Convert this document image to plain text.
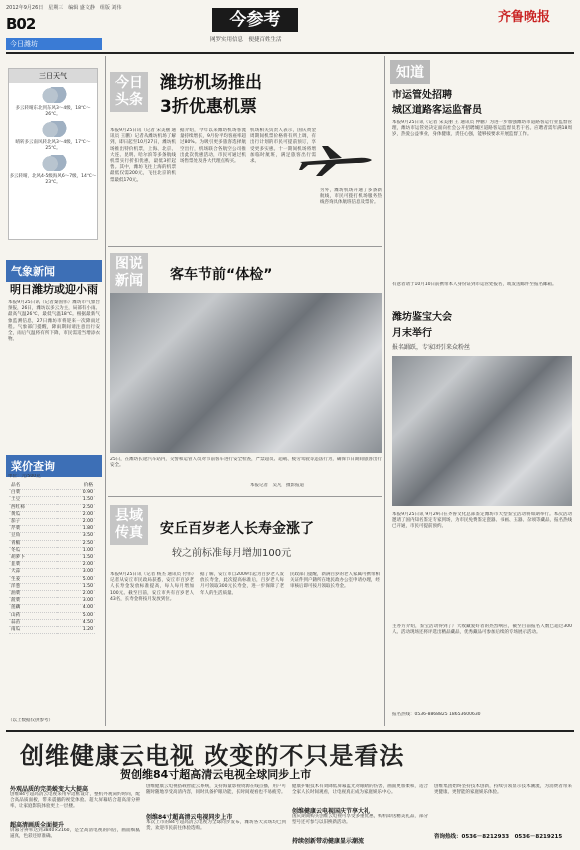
2012年9月26日　星期三　编辑 盛文静　组版 刘伟
B02
今日潍坊
今参考
网罗实用信息　便捷百姓生活
齐鲁晚报
三日天气
多云转晴东北到东风3～4级，18℃～26℃。
晴转多云南风转北风3～4级，17℃～25℃。
多云转晴，北风4-5级海风6～7级，14℃～23℃。
气象新闻
明日潍坊或迎小雨
本报9月25日讯（记者秦国伟）潍坊市气象台预报，26日，潍坊以多云为主，局部有小雨。最高气温26℃，最低气温18℃。根据最新气象监测信息，27日潍坊市将迎来一次降雨过程。气象部门提醒，降雨期间请注意出行安全，雨后气温将有所下降，市民需适当增添衣物。
菜价查询
单位：元/500克
品名	价格
白菜	0.90
土豆	1.50
西红柿	2.50
黄瓜	2.00
茄子	2.00
芹菜	1.80
豆角	3.50
青椒	2.50
冬瓜	1.00
胡萝卜	1.50
韭菜	2.00
大蒜	3.00
生姜	5.00
洋葱	1.50
油菜	2.00
菠菜	3.00
莲藕	4.00
山药	5.00
蒜苗	4.50
南瓜	1.20
（以上数据仅供参考）
今日头条
潍坊机场推出
3折优惠机票
本报9月25日讯（记者 宋美丽 通讯员 王鹏）记者从潍坊机场了解到，即日起至10月27日，潍坊机场推出特价机票，上海、北京、大连、昆明、哈尔滨等多条航线机票实行折扣优惠，最低3折起售。其中，潍坊飞往上海的机票最低仅需200元，飞往北京的机票最低170元。
据介绍，今年以来潍坊机场客流量持续增长，9月份平均客座率超过80%。为吸引更多旅客选择航空出行，机场联合各航空公司推出此次优惠活动，市民可通过机场售票处及各大代理点购买。
机场相关负责人表示，国庆黄金周期间机票价格将有所上调，有出行计划的市民可提前预订，享受更多实惠。十一期间机场将增加临时航班，满足旅客出行需求。
另外，潍坊机场开通了多条新航线，市民可拨打机场服务热线咨询具体航班信息及票价。
图说新闻	客车节前“体检”
25日，在潍坊长途汽车站内，交警和运管人员对节前客车进行安全检查，严禁超员、超载、疲劳驾驶等违法行为，确保节日期间旅客出行安全。
本报记者　吴凡　摄影报道
县域传真	安丘百岁老人长寿金涨了
较之前标准每月增加100元
本报9月25日讯（记者 杨杰 通讯员 付伟）记者从安丘市民政局获悉，安丘市百岁老人长寿金发放标准提高，每人每月增加100元。截至目前，安丘市共有百岁老人43名，长寿金将按月发放到位。
据了解，安丘市自2009年起为百岁老人发放长寿金，此次提高标准后，百岁老人每月可领取300元长寿金，进一步保障了老年人的生活质量。
民政部门提醒，新满百岁的老人家属可携带相关证件到户籍所在地民政办公室申请办理，经审核后即可按月领取长寿金。
知道
市运管处招聘
城区道路客运监督员
本报9月25日讯（记者 宋美丽 王 通讯员 仲鹏）为进一步加强潍坊市道路客运行业监督管理，潍坊市运管处决定面向社会公开招聘城区道路客运监督员若干名。应聘者需年满18周岁，热爱公益事业，身体健康，责任心强，能够按要求开展监督工作。
有意者请于10月10日前携带本人身份证到市运管处报名，或发送邮件至报名邮箱。
潍坊鉴宝大会
月末举行
报名踊跃，专家团引来众粉丝
本报9月25日讯 9月29日在齐鲁文化总部鉴定潍坊市大型鉴宝活动将如期举行。本次活动邀请了国内知名鉴定专家到场，为市民免费鉴定瓷器、书画、玉器、杂项等藏品，报名热线已开通，市民可提前预约。
主办方介绍，鉴宝活动得到了广大收藏爱好者的热烈响应，截至目前报名人数已超过300人。活动现场还将评选出精品藏品，优秀藏品可参加后续的专场展示活动。
报名热线：0536-8868825 18653600630
创维健康云电视 改变的不只是看法
贺创维84寸超高清云电视全球同步上市
外观品质的完美蜕变大大提高
创维84寸超高清云电视采用窄边框设计，整机外观简约时尚，配合高品质面板，带来震撼的视觉体验。超大屏幕结合超高清分辨率，让家庭影院体验更上一层楼。
超高清画质全面提升
屏幕分辨率达到3840×2160，是全高清电视的四倍，画面细腻逼真，色彩还原准确。
创维健康云电视搭载智能云系统，支持海量影视资源在线点播，用户可随时随地享受高清内容，同时具备护眼功能，长时间观看也不易疲劳。
创维84寸超高清云电视同步上市
本次上市的84寸超高清云电视为全球同步发布，潍坊各大卖场均已到货，欢迎市民前往体验选购。
健康护眼技术有效降低屏幕蓝光对眼睛的伤害，画面更加柔和，适合全家人长时间观看，让电视真正成为家庭娱乐中心。
创维健康云电视国庆节享大礼
国庆期间购买创维云电视可享受多重优惠，购机即送精美礼品，部分型号还可参与以旧换新活动。
持续创新带动健康显示潮流
创维集团始终坚持技术创新，持续引领显示技术潮流，为消费者带来更健康、更智能的家庭娱乐体验。
咨询热线：0536－8212933　0536－8219215
